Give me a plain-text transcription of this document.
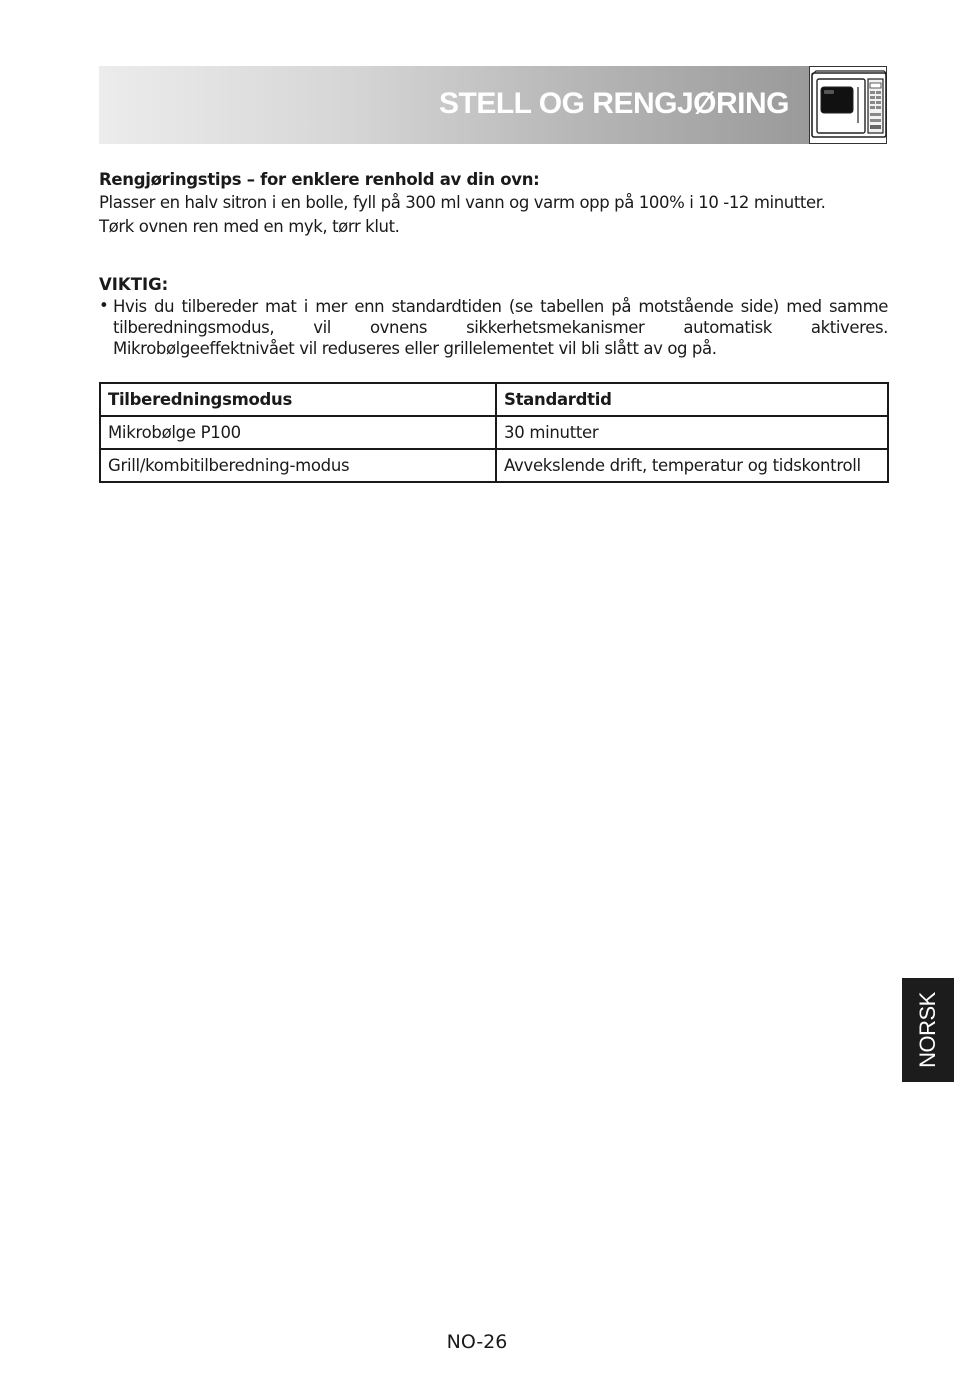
STELL OG RENGJØRING
Rengjøringstips – for enklere renhold av din ovn:
Plasser en halv sitron i en bolle, fyll på 300 ml vann og varm opp på 100% i 10 -12 minutter.
Tørk ovnen ren med en myk, tørr klut.
VIKTIG:
• Hvis du tilbereder mat i mer enn standardtiden (se tabellen på motstående side) med samme tilberedningsmodus, vil ovnens sikkerhetsmekanismer automatisk aktiveres. Mikrobølgeeffektnivået vil reduseres eller grillelementet vil bli slått av og på.
Tilberedningsmodus	Standardtid
Mikrobølge P100	30 minutter
Grill/kombitilberedning-modus	Avvekslende drift, temperatur og tidskontroll
NORSK
NO-26
